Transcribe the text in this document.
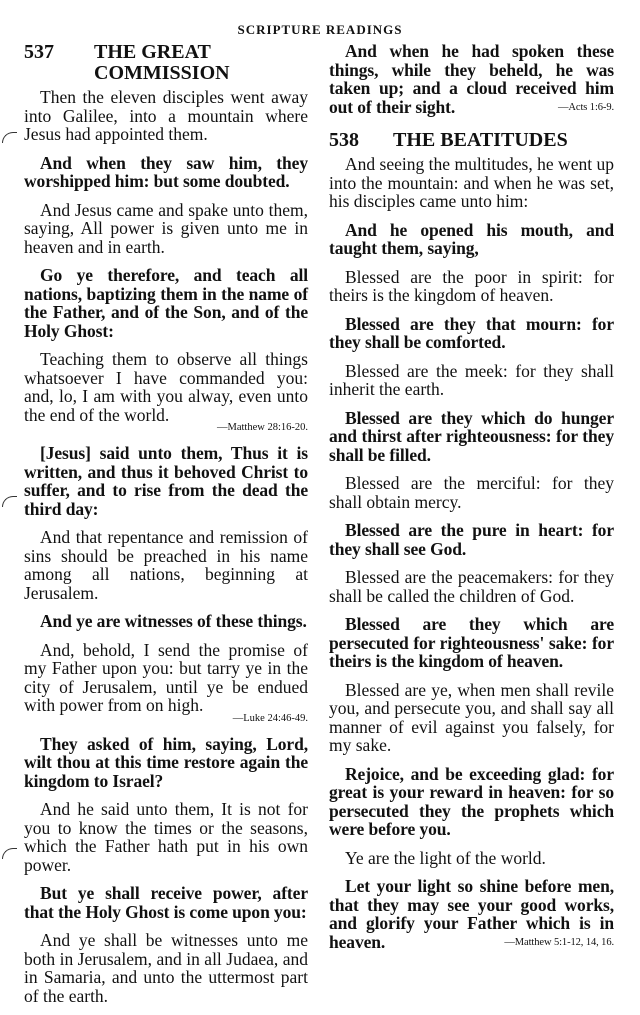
SCRIPTURE READINGS
537	THE GREAT COMMISSION

Then the eleven disciples went away into Galilee, into a mountain where Jesus had appointed them.

And when they saw him, they worshipped him: but some doubted.

And Jesus came and spake unto them, saying, All power is given unto me in heaven and in earth.

Go ye therefore, and teach all nations, baptizing them in the name of the Father, and of the Son, and of the Holy Ghost:

Teaching them to observe all things whatsoever I have commanded you: and, lo, I am with you alway, even unto the end of the world.
—Matthew 28:16-20.

[Jesus] said unto them, Thus it is written, and thus it behoved Christ to suffer, and to rise from the dead the third day:

And that repentance and remission of sins should be preached in his name among all nations, beginning at Jerusalem.

And ye are witnesses of these things.

And, behold, I send the promise of my Father upon you: but tarry ye in the city of Jerusalem, until ye be endued with power from on high.
—Luke 24:46-49.

They asked of him, saying, Lord, wilt thou at this time restore again the kingdom to Israel?

And he said unto them, It is not for you to know the times or the seasons, which the Father hath put in his own power.

But ye shall receive power, after that the Holy Ghost is come upon you:

And ye shall be witnesses unto me both in Jerusalem, and in all Judaea, and in Samaria, and unto the uttermost part of the earth.

And when he had spoken these things, while they beheld, he was taken up; and a cloud received him out of their sight.	—Acts 1:6-9.

538	THE BEATITUDES

And seeing the multitudes, he went up into the mountain: and when he was set, his disciples came unto him:

And he opened his mouth, and taught them, saying,

Blessed are the poor in spirit: for theirs is the kingdom of heaven.

Blessed are they that mourn: for they shall be comforted.

Blessed are the meek: for they shall inherit the earth.

Blessed are they which do hunger and thirst after righteousness: for they shall be filled.

Blessed are the merciful: for they shall obtain mercy.

Blessed are the pure in heart: for they shall see God.

Blessed are the peacemakers: for they shall be called the children of God.

Blessed are they which are persecuted for righteousness' sake: for theirs is the kingdom of heaven.

Blessed are ye, when men shall revile you, and persecute you, and shall say all manner of evil against you falsely, for my sake.

Rejoice, and be exceeding glad: for great is your reward in heaven: for so persecuted they the prophets which were before you.

Ye are the light of the world.

Let your light so shine before men, that they may see your good works, and glorify your Father which is in heaven.	—Matthew 5:1-12, 14, 16.
